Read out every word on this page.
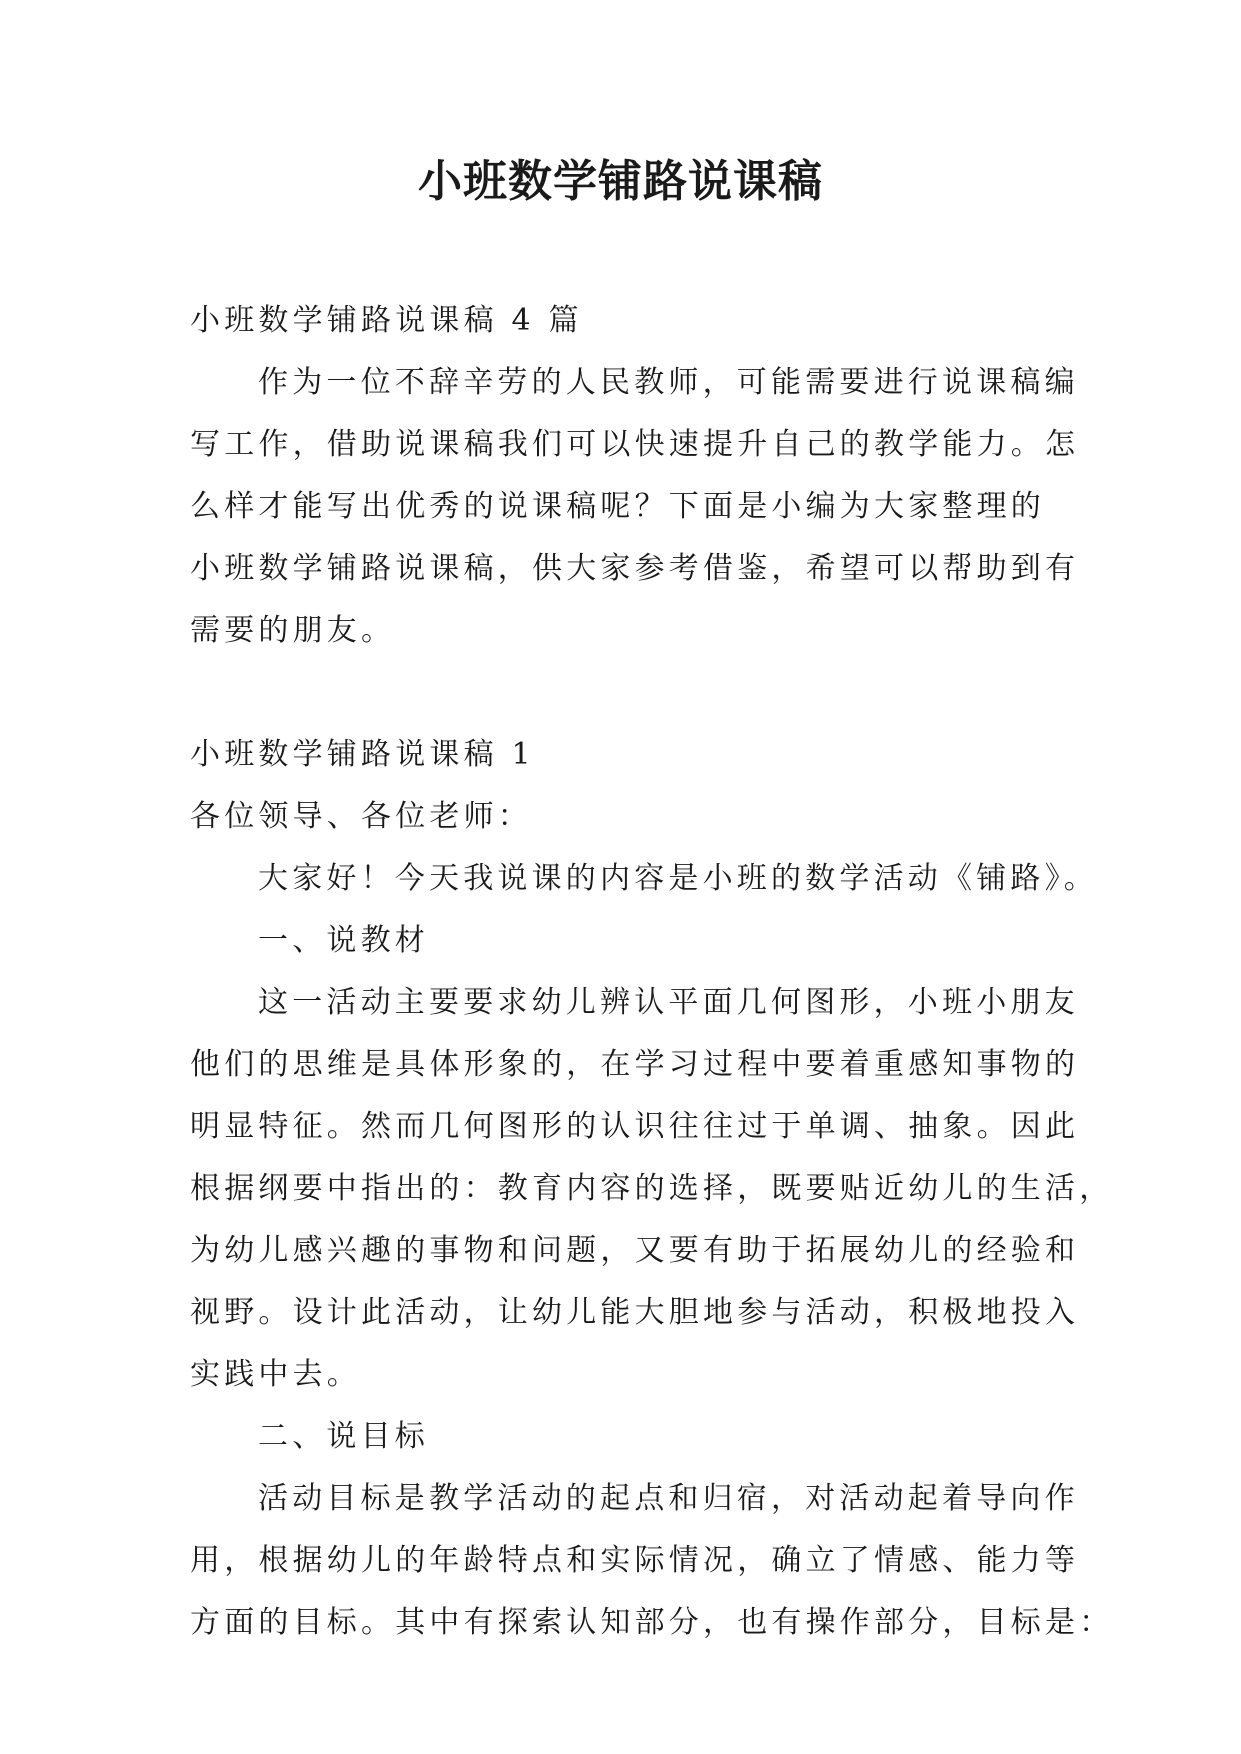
小班数学铺路说课稿

小班数学铺路说课稿 4 篇

作为一位不辞辛劳的人民教师，可能需要进行说课稿编

写工作，借助说课稿我们可以快速提升自己的教学能力。怎

么样才能写出优秀的说课稿呢？下面是小编为大家整理的

小班数学铺路说课稿，供大家参考借鉴，希望可以帮助到有

需要的朋友。

小班数学铺路说课稿 1

各位领导、各位老师：

大家好！今天我说课的内容是小班的数学活动《铺路》。

一、说教材

这一活动主要要求幼儿辨认平面几何图形，小班小朋友

他们的思维是具体形象的，在学习过程中要着重感知事物的

明显特征。然而几何图形的认识往往过于单调、抽象。因此

根据纲要中指出的：教育内容的选择，既要贴近幼儿的生活，

为幼儿感兴趣的事物和问题，又要有助于拓展幼儿的经验和

视野。设计此活动，让幼儿能大胆地参与活动，积极地投入

实践中去。

二、说目标

活动目标是教学活动的起点和归宿，对活动起着导向作

用，根据幼儿的年龄特点和实际情况，确立了情感、能力等

方面的目标。其中有探索认知部分，也有操作部分，目标是：
